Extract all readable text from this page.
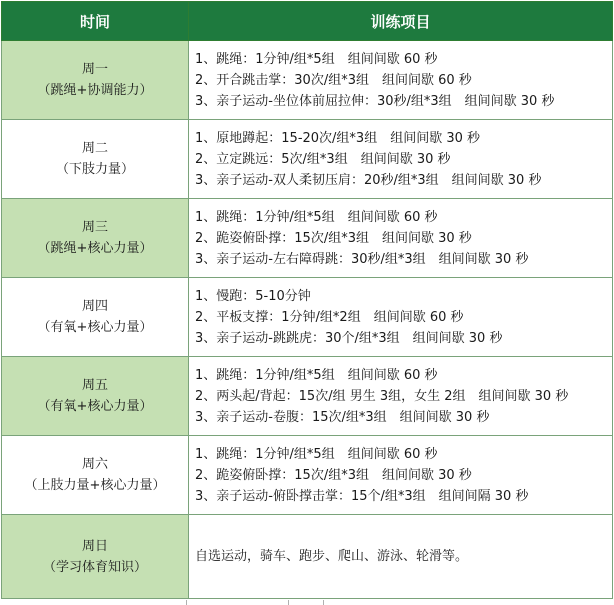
时间	训练项目

周一
（跳绳+协调能力）	1、跳绳：1分钟/组*5组　组间间歇 60 秒
2、开合跳击掌：30次/组*3组　组间间歇 60 秒
3、亲子运动-坐位体前屈拉伸：30秒/组*3组　组间间歇 30 秒

周二
（下肢力量）	1、原地蹲起：15-20次/组*3组　组间间歇 30 秒
2、立定跳远：5次/组*3组　组间间歇 30 秒
3、亲子运动-双人柔韧压肩：20秒/组*3组　组间间歇 30 秒

周三
（跳绳+核心力量）	1、跳绳：1分钟/组*5组　组间间歇 60 秒
2、跪姿俯卧撑：15次/组*3组　组间间歇 30 秒
3、亲子运动-左右障碍跳：30秒/组*3组　组间间歇 30 秒

周四
（有氧+核心力量）	1、慢跑：5-10分钟
2、平板支撑：1分钟/组*2组　组间间歇 60 秒
3、亲子运动-跳跳虎：30个/组*3组　组间间歇 30 秒

周五
（有氧+核心力量）	1、跳绳：1分钟/组*5组　组间间歇 60 秒
2、两头起/背起：15次/组 男生 3组，女生 2组　组间间歇 30 秒
3、亲子运动-卷腹：15次/组*3组　组间间歇 30 秒

周六
（上肢力量+核心力量）	1、跳绳：1分钟/组*5组　组间间歇 60 秒
2、跪姿俯卧撑：15次/组*3组　组间间歇 30 秒
3、亲子运动-俯卧撑击掌：15个/组*3组　组间间隔 30 秒

周日
（学习体育知识）	自选运动，骑车、跑步、爬山、游泳、轮滑等。
